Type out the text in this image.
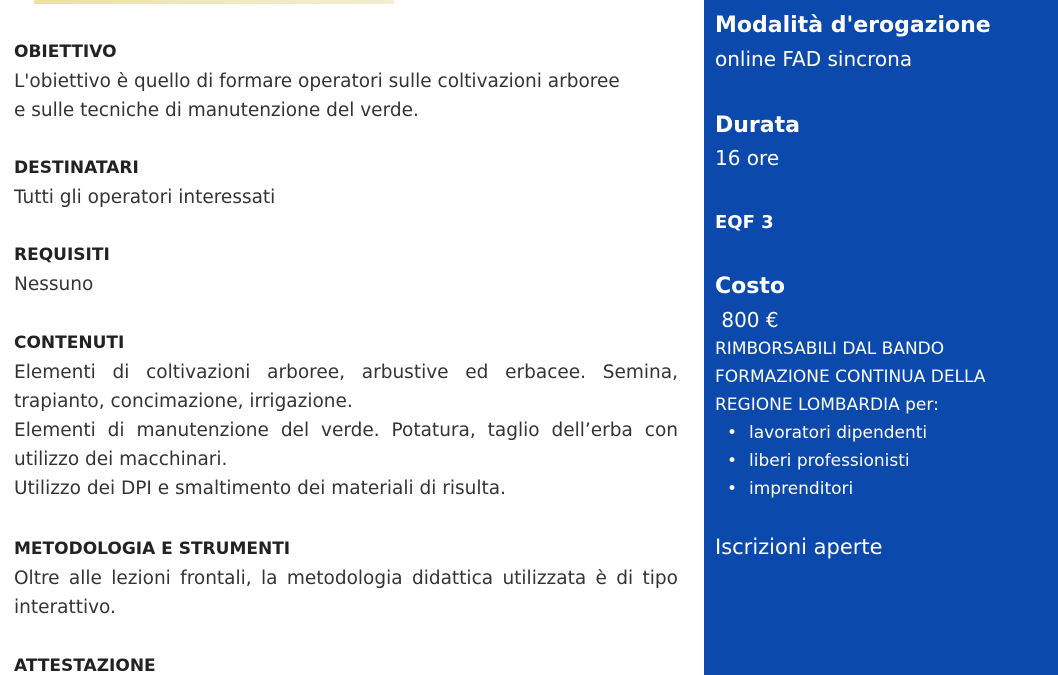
OBIETTIVO
L'obiettivo è quello di formare operatori sulle coltivazioni arboree
e sulle tecniche di manutenzione del verde.
DESTINATARI
Tutti gli operatori interessati
REQUISITI
Nessuno
CONTENUTI
Elementi di coltivazioni arboree, arbustive ed erbacee. Semina, trapianto, concimazione, irrigazione.
Elementi di manutenzione del verde. Potatura, taglio dell’erba con utilizzo dei macchinari.
Utilizzo dei DPI e smaltimento dei materiali di risulta.
METODOLOGIA E STRUMENTI
Oltre alle lezioni frontali, la metodologia didattica utilizzata è di tipo interattivo.
ATTESTAZIONE
Modalità d'erogazione
online FAD sincrona
Durata
16 ore
EQF 3
Costo
800 €
RIMBORSABILI DAL BANDO
FORMAZIONE CONTINUA DELLA
REGIONE LOMBARDIA per:
• lavoratori dipendenti
• liberi professionisti
• imprenditori
Iscrizioni aperte
